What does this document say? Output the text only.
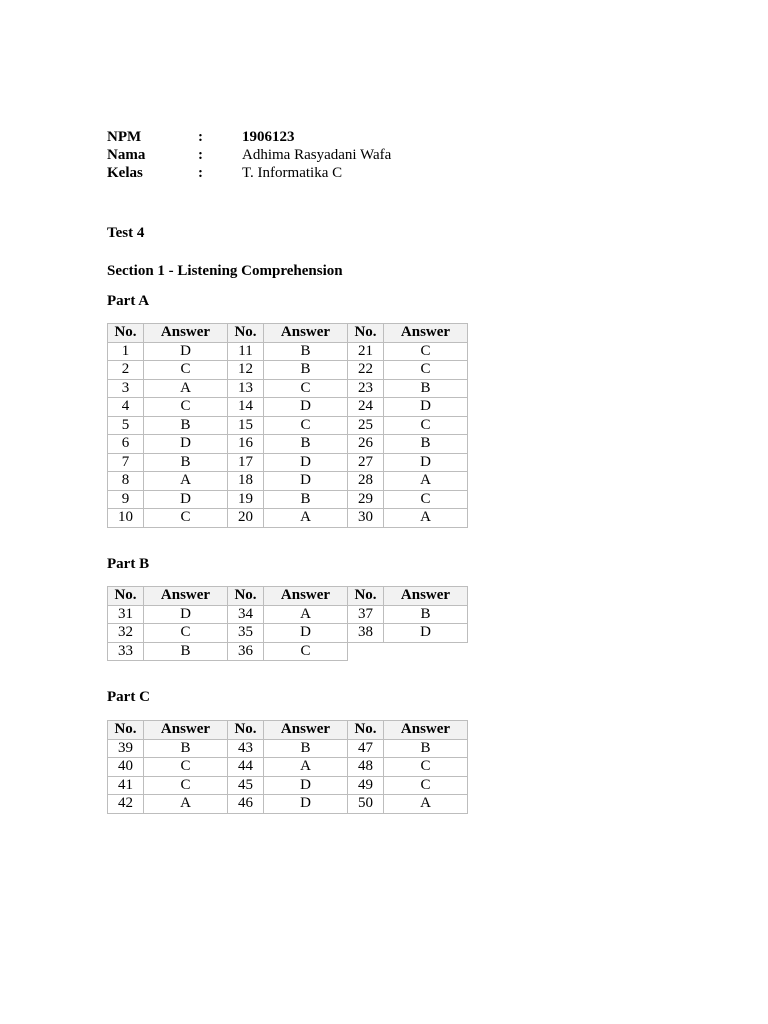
NPM	:	1906123
Nama	:	Adhima Rasyadani Wafa
Kelas	:	T. Informatika C
Test 4
Section 1 - Listening Comprehension
Part A
No.	Answer	No.	Answer	No.	Answer
1	D	11	B	21	C
2	C	12	B	22	C
3	A	13	C	23	B
4	C	14	D	24	D
5	B	15	C	25	C
6	D	16	B	26	B
7	B	17	D	27	D
8	A	18	D	28	A
9	D	19	B	29	C
10	C	20	A	30	A
Part B
No.	Answer	No.	Answer	No.	Answer
31	D	34	A	37	B
32	C	35	D	38	D
33	B	36	C		
Part C
No.	Answer	No.	Answer	No.	Answer
39	B	43	B	47	B
40	C	44	A	48	C
41	C	45	D	49	C
42	A	46	D	50	A
